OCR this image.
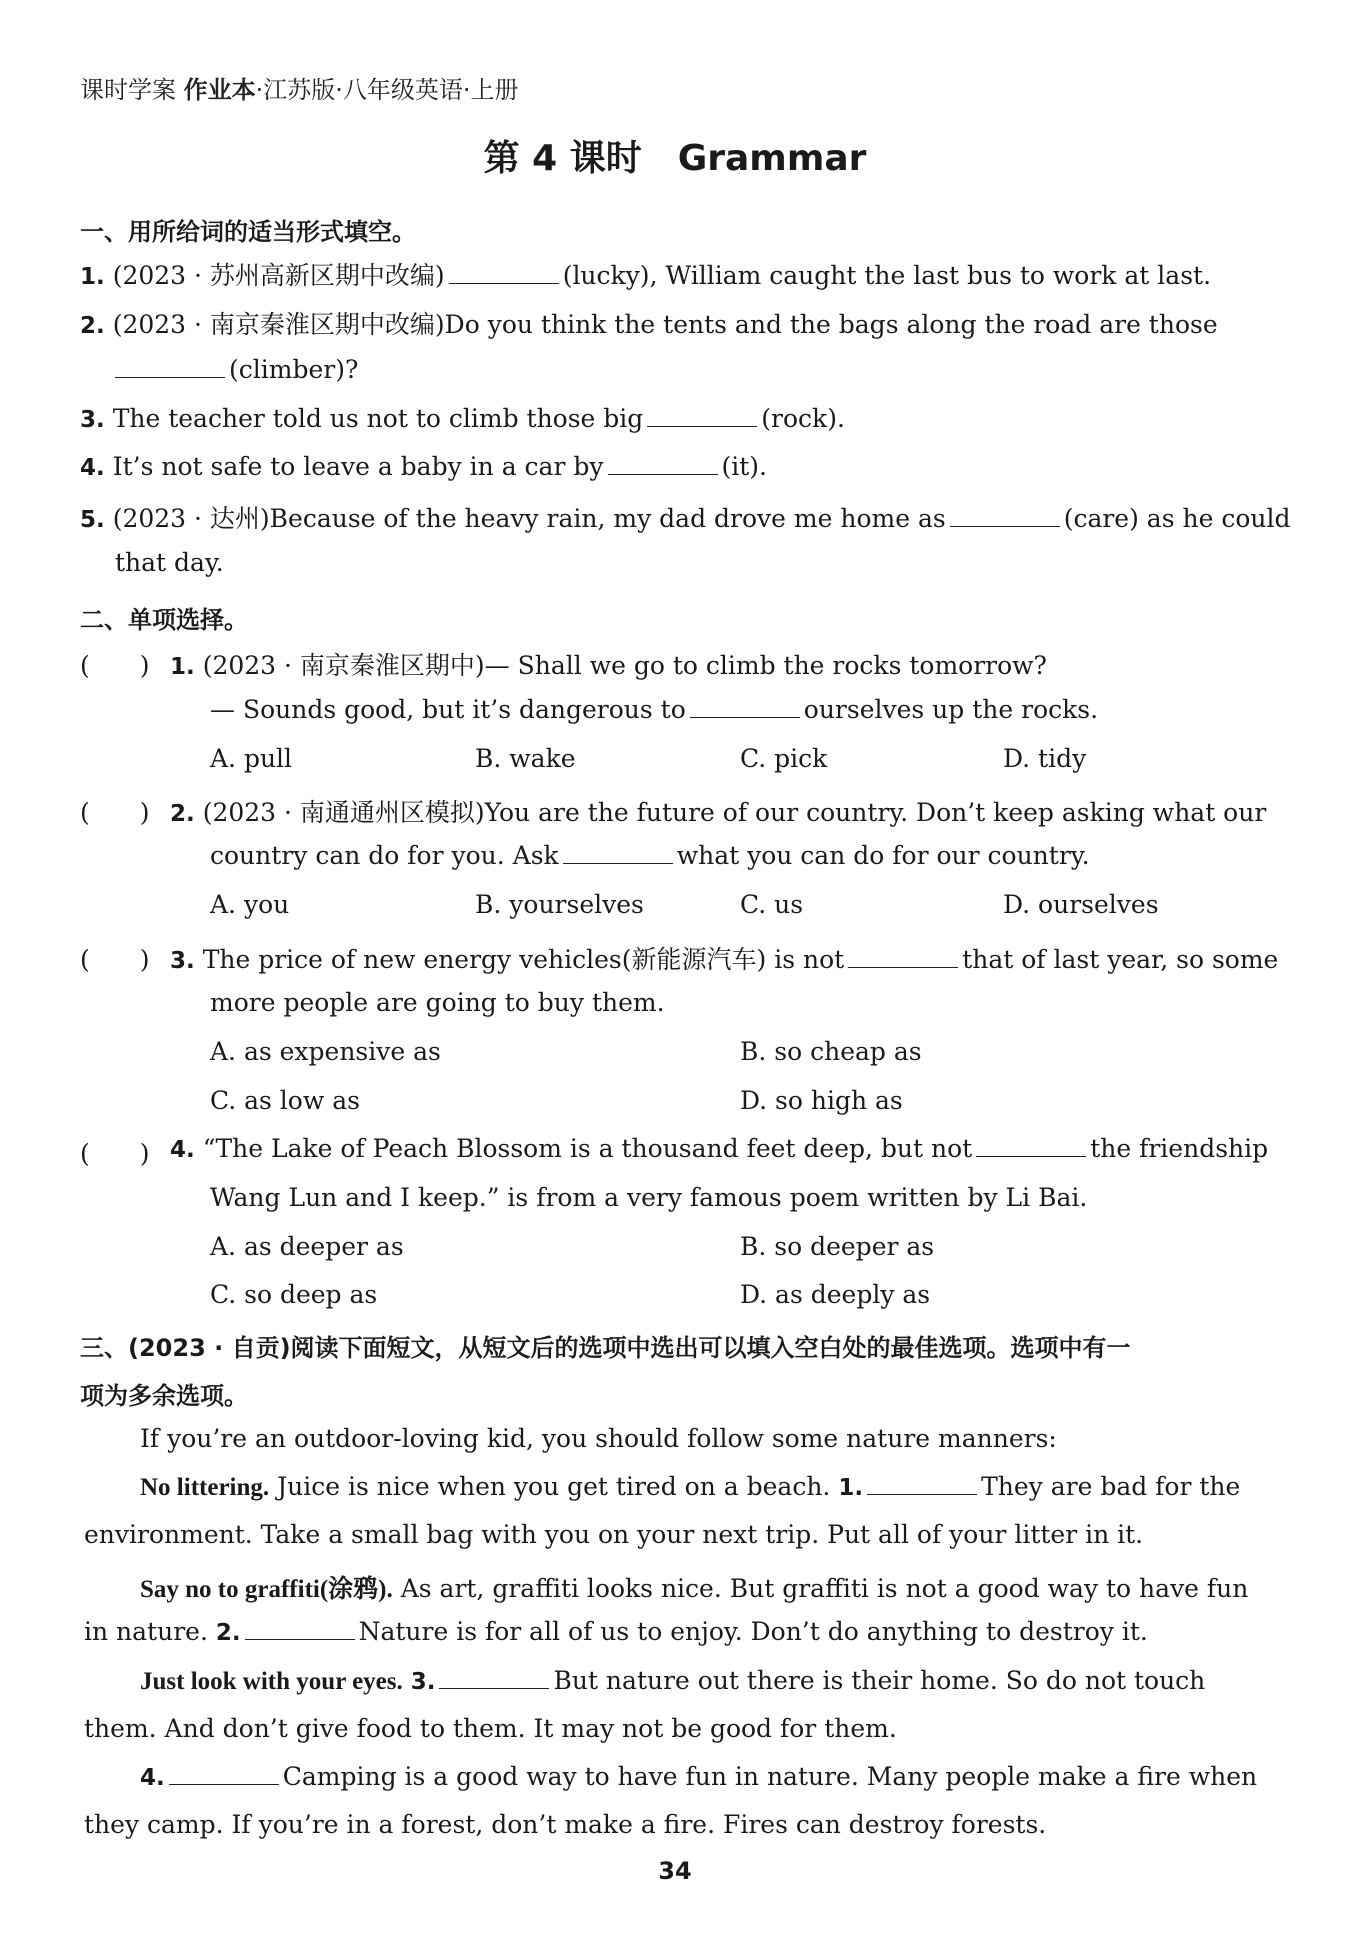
课时学案 作业本·江苏版·八年级英语·上册
第 4 课时　Grammar
一、用所给词的适当形式填空。
1. (2023 · 苏州高新区期中改编)	(lucky), William caught the last bus to work at last.
2. (2023 · 南京秦淮区期中改编)Do you think the tents and the bags along the road are those
(climber)?
3. The teacher told us not to climb those big	(rock).
4. It’s not safe to leave a baby in a car by	(it).
5. (2023 · 达州)Because of the heavy rain, my dad drove me home as	(care) as he could
that day.
二、单项选择。
(　　) 1. (2023 · 南京秦淮区期中)— Shall we go to climb the rocks tomorrow?
— Sounds good, but it’s dangerous to	ourselves up the rocks.
A. pull	B. wake	C. pick	D. tidy
(　　) 2. (2023 · 南通通州区模拟)You are the future of our country. Don’t keep asking what our
country can do for you. Ask	what you can do for our country.
A. you	B. yourselves	C. us	D. ourselves
(　　) 3. The price of new energy vehicles(新能源汽车) is not	that of last year, so some
more people are going to buy them.
A. as expensive as	B. so cheap as
C. as low as	D. so high as
(　　) 4. “The Lake of Peach Blossom is a thousand feet deep, but not	the friendship
Wang Lun and I keep.” is from a very famous poem written by Li Bai.
A. as deeper as	B. so deeper as
C. so deep as	D. as deeply as
三、(2023 · 自贡)阅读下面短文，从短文后的选项中选出可以填入空白处的最佳选项。选项中有一
项为多余选项。
If you’re an outdoor-loving kid, you should follow some nature manners:
No littering. Juice is nice when you get tired on a beach. 1.	They are bad for the
environment. Take a small bag with you on your next trip. Put all of your litter in it.
Say no to graffiti(涂鸦). As art, graffiti looks nice. But graffiti is not a good way to have fun
in nature. 2.	Nature is for all of us to enjoy. Don’t do anything to destroy it.
Just look with your eyes. 3.	But nature out there is their home. So do not touch
them. And don’t give food to them. It may not be good for them.
4.	Camping is a good way to have fun in nature. Many people make a fire when
they camp. If you’re in a forest, don’t make a fire. Fires can destroy forests.
34
